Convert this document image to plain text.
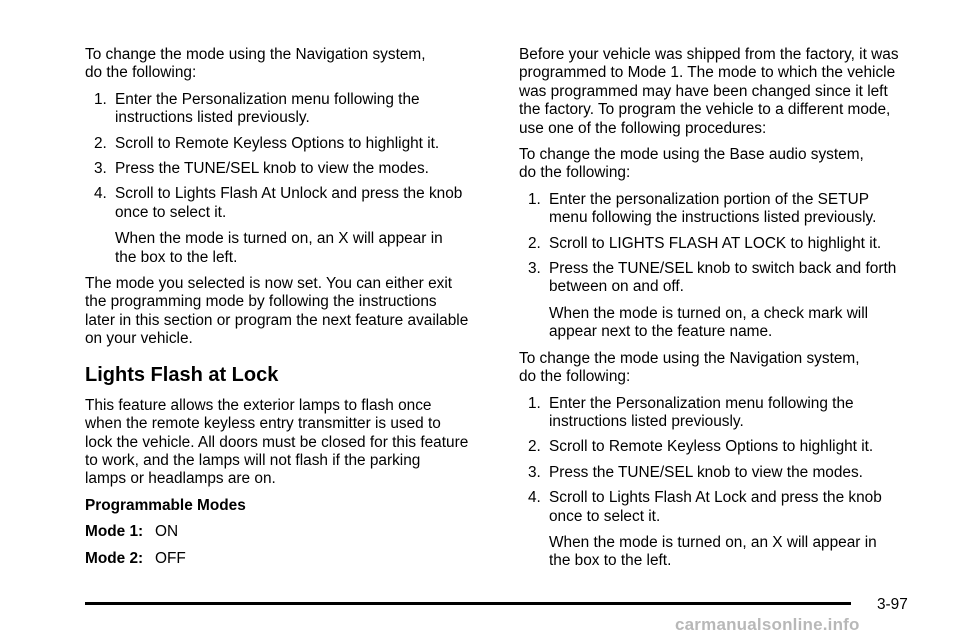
To change the mode using the Navigation system,
do the following:

1. Enter the Personalization menu following the
instructions listed previously.
2. Scroll to Remote Keyless Options to highlight it.
3. Press the TUNE/SEL knob to view the modes.
4. Scroll to Lights Flash At Unlock and press the knob
once to select it.

When the mode is turned on, an X will appear in
the box to the left.

The mode you selected is now set. You can either exit
the programming mode by following the instructions
later in this section or program the next feature available
on your vehicle.

Lights Flash at Lock

This feature allows the exterior lamps to flash once
when the remote keyless entry transmitter is used to
lock the vehicle. All doors must be closed for this feature
to work, and the lamps will not flash if the parking
lamps or headlamps are on.

Programmable Modes

Mode 1: ON
Mode 2: OFF

Before your vehicle was shipped from the factory, it was
programmed to Mode 1. The mode to which the vehicle
was programmed may have been changed since it left
the factory. To program the vehicle to a different mode,
use one of the following procedures:

To change the mode using the Base audio system,
do the following:

1. Enter the personalization portion of the SETUP
menu following the instructions listed previously.
2. Scroll to LIGHTS FLASH AT LOCK to highlight it.
3. Press the TUNE/SEL knob to switch back and forth
between on and off.

When the mode is turned on, a check mark will
appear next to the feature name.

To change the mode using the Navigation system,
do the following:

1. Enter the Personalization menu following the
instructions listed previously.
2. Scroll to Remote Keyless Options to highlight it.
3. Press the TUNE/SEL knob to view the modes.
4. Scroll to Lights Flash At Lock and press the knob
once to select it.

When the mode is turned on, an X will appear in
the box to the left.

3-97
carmanualsonline.info
